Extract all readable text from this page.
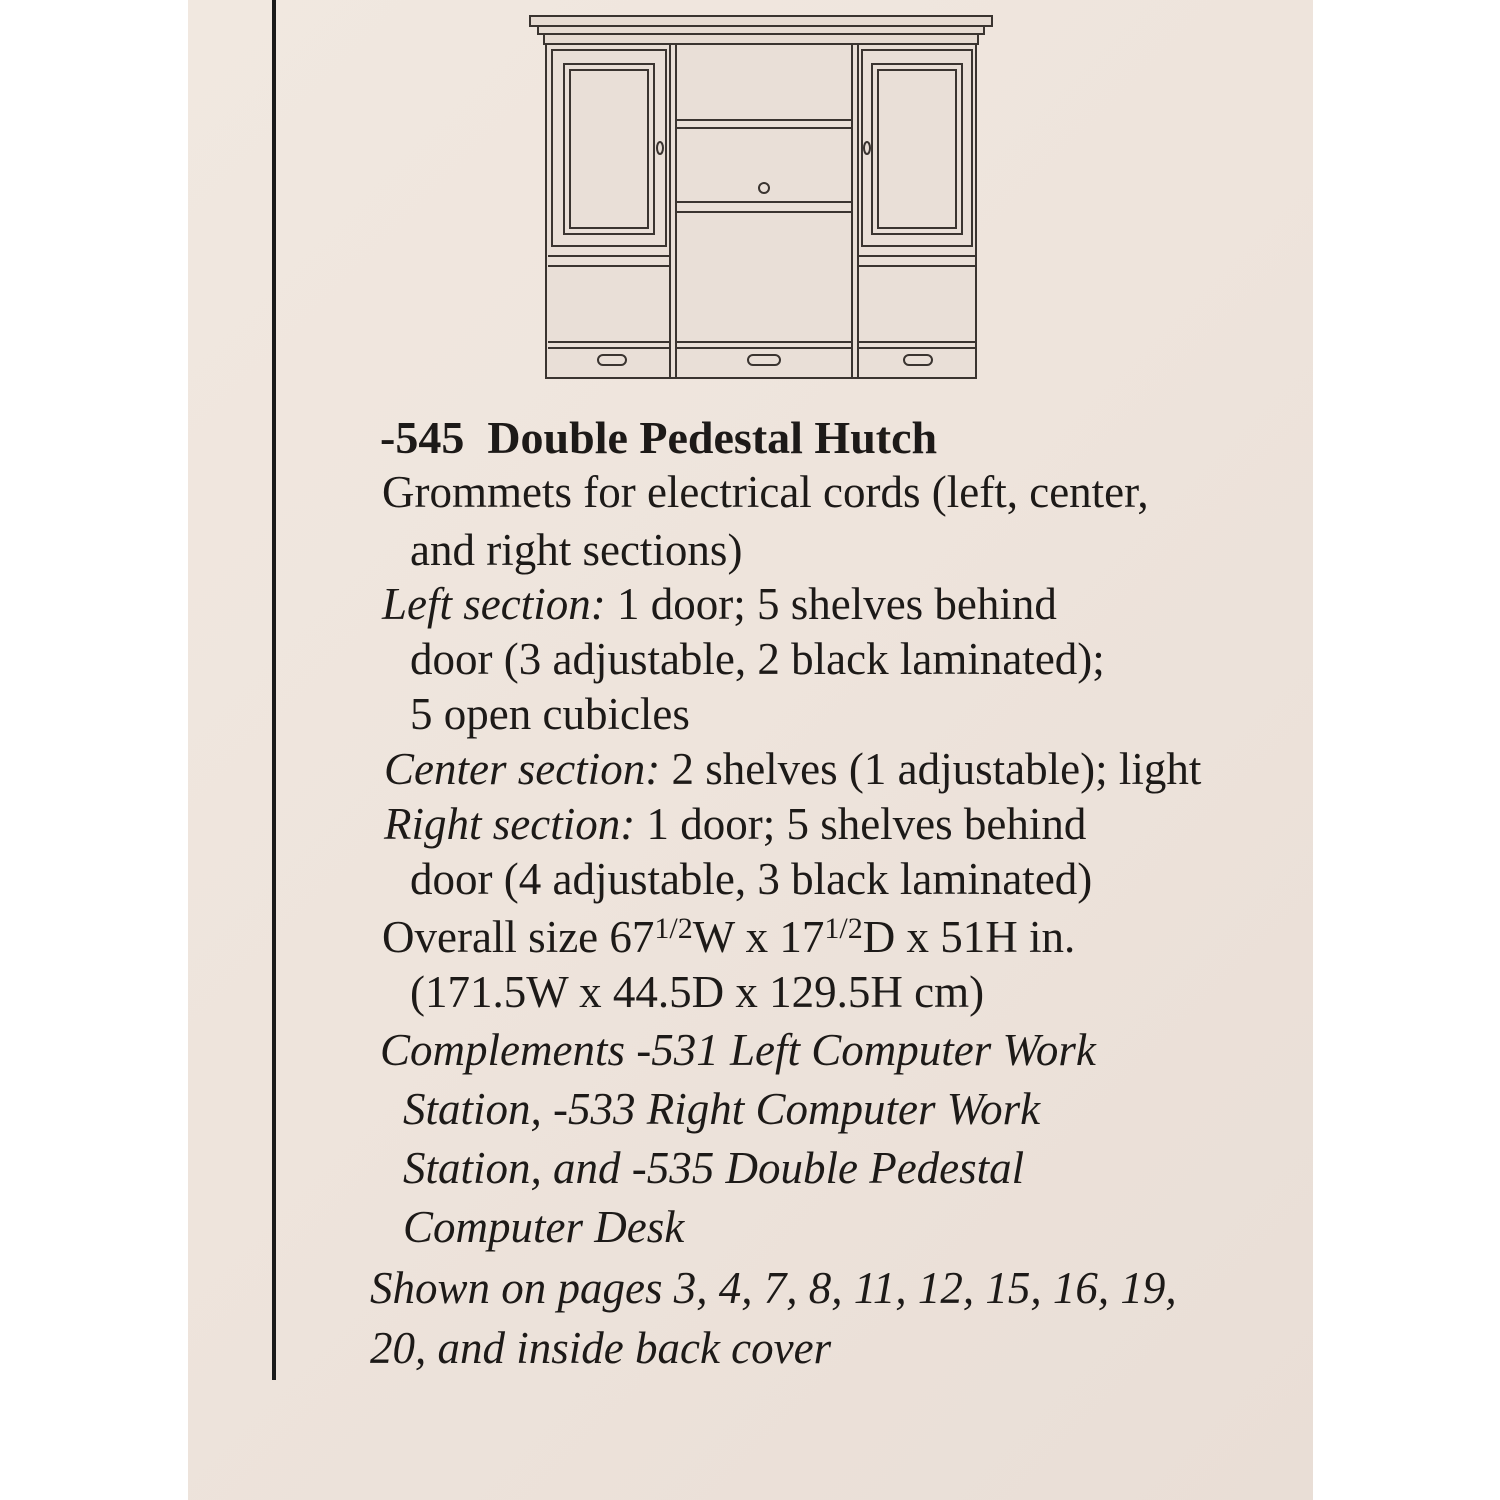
-545 Double Pedestal Hutch
Grommets for electrical cords (left, center,
and right sections)
Left section: 1 door; 5 shelves behind
door (3 adjustable, 2 black laminated);
5 open cubicles
Center section: 2 shelves (1 adjustable); light
Right section: 1 door; 5 shelves behind
door (4 adjustable, 3 black laminated)
Overall size $67^{1/2}W$ x $17^{1/2}D$ x 51H in.
(171.5W x 44.5D x 129.5H cm)
Complements -531 Left Computer Work
Station, -533 Right Computer Work
Station, and -535 Double Pedestal
Computer Desk
Shown on pages 3, 4, 7, 8, 11, 12, 15, 16, 19,
20, and inside back cover
